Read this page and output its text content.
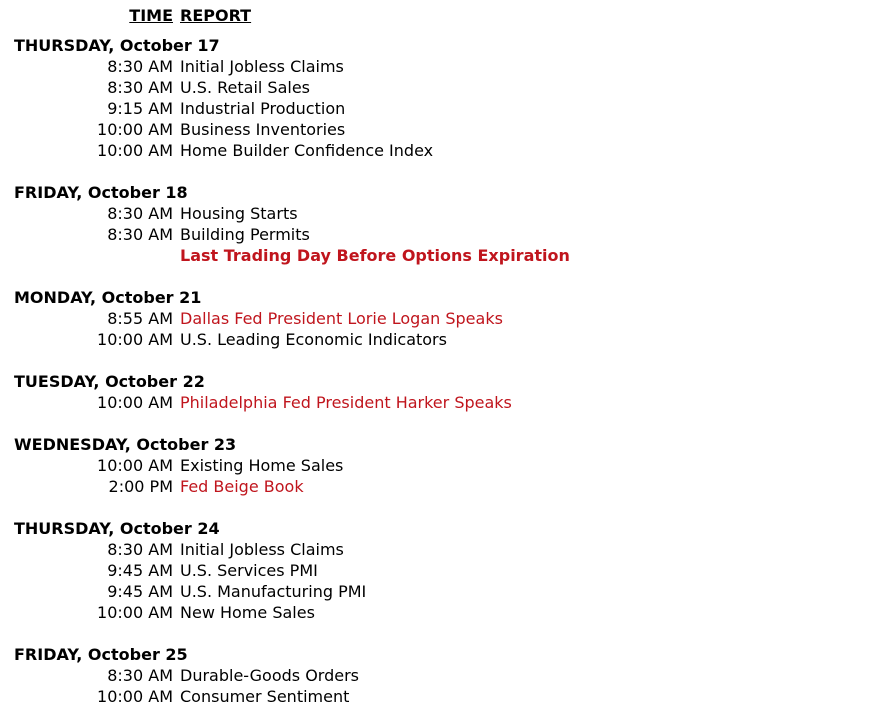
TIME REPORT
THURSDAY, October 17
8:30 AM Initial Jobless Claims
8:30 AM U.S. Retail Sales
9:15 AM Industrial Production
10:00 AM Business Inventories
10:00 AM Home Builder Confidence Index
FRIDAY, October 18
8:30 AM Housing Starts
8:30 AM Building Permits
Last Trading Day Before Options Expiration
MONDAY, October 21
8:55 AM Dallas Fed President Lorie Logan Speaks
10:00 AM U.S. Leading Economic Indicators
TUESDAY, October 22
10:00 AM Philadelphia Fed President Harker Speaks
WEDNESDAY, October 23
10:00 AM Existing Home Sales
2:00 PM Fed Beige Book
THURSDAY, October 24
8:30 AM Initial Jobless Claims
9:45 AM U.S. Services PMI
9:45 AM U.S. Manufacturing PMI
10:00 AM New Home Sales
FRIDAY, October 25
8:30 AM Durable-Goods Orders
10:00 AM Consumer Sentiment
